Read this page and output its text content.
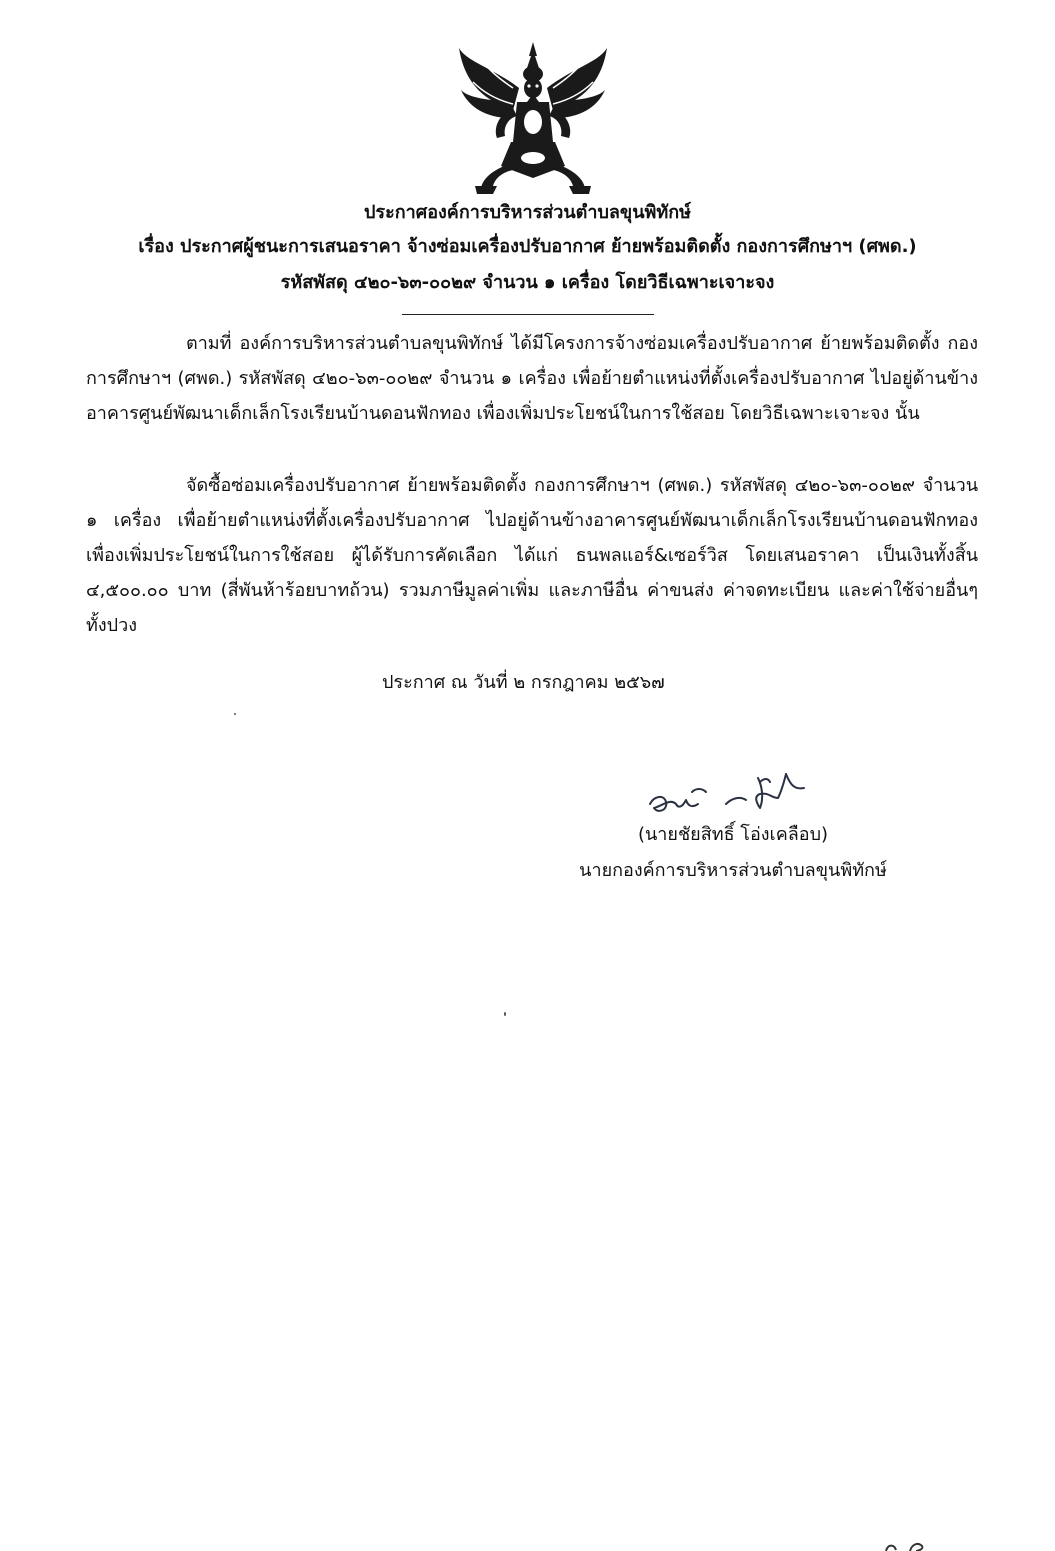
ประกาศองค์การบริหารส่วนตำบลขุนพิทักษ์
เรื่อง ประกาศผู้ชนะการเสนอราคา จ้างซ่อมเครื่องปรับอากาศ ย้ายพร้อมติดตั้ง กองการศึกษาฯ (ศพด.)
รหัสพัสดุ ๔๒๐-๖๓-๐๐๒๙ จำนวน ๑ เครื่อง โดยวิธีเฉพาะเจาะจง
ตามที่ องค์การบริหารส่วนตำบลขุนพิทักษ์ ได้มีโครงการจ้างซ่อมเครื่องปรับอากาศ ย้ายพร้อมติดตั้ง กองการศึกษาฯ (ศพด.) รหัสพัสดุ ๔๒๐-๖๓-๐๐๒๙ จำนวน ๑ เครื่อง เพื่อย้ายตำแหน่งที่ตั้งเครื่องปรับอากาศ ไปอยู่ด้านข้างอาคารศูนย์พัฒนาเด็กเล็กโรงเรียนบ้านดอนฟักทอง เพื่องเพิ่มประโยชน์ในการใช้สอย โดยวิธีเฉพาะเจาะจง นั้น
จัดซื้อซ่อมเครื่องปรับอากาศ ย้ายพร้อมติดตั้ง กองการศึกษาฯ (ศพด.) รหัสพัสดุ ๔๒๐-๖๓-๐๐๒๙ จำนวน ๑ เครื่อง เพื่อย้ายตำแหน่งที่ตั้งเครื่องปรับอากาศ ไปอยู่ด้านข้างอาคารศูนย์พัฒนาเด็กเล็กโรงเรียนบ้านดอนฟักทอง เพื่องเพิ่มประโยชน์ในการใช้สอย ผู้ได้รับการคัดเลือก ได้แก่ ธนพลแอร์&เซอร์วิส โดยเสนอราคา เป็นเงินทั้งสิ้น ๔,๕๐๐.๐๐ บาท (สี่พันห้าร้อยบาทถ้วน) รวมภาษีมูลค่าเพิ่ม และภาษีอื่น ค่าขนส่ง ค่าจดทะเบียน และค่าใช้จ่ายอื่นๆ ทั้งปวง
ประกาศ ณ วันที่ ๒ กรกฎาคม ๒๕๖๗
(นายชัยสิทธิ์ โอ่งเคลือบ)
นายกองค์การบริหารส่วนตำบลขุนพิทักษ์
